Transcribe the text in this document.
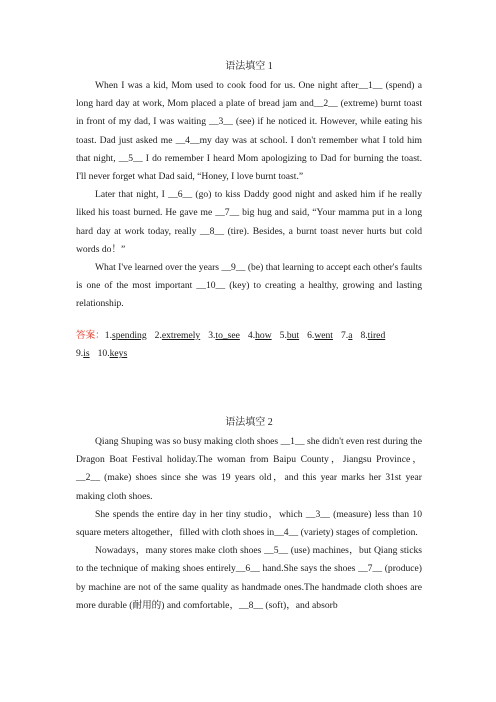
语法填空 1

When I was a kid, Mom used to cook food for us. One night after__1__ (spend) a long hard day at work, Mom placed a plate of bread jam and__2__ (extreme) burnt toast in front of my dad, I was waiting __3__ (see) if he noticed it. However, while eating his toast. Dad just asked me __4__my day was at school. I don't remember what I told him that night, __5__ I do remember I heard Mom apologizing to Dad for burning the toast. I'll never forget what Dad said, “Honey, I love burnt toast.”

Later that night, I __6__ (go) to kiss Daddy good night and asked him if he really liked his toast burned. He gave me __7__ big hug and said, “Your mamma put in a long hard day at work today, really __8__ (tire). Besides, a burnt toast never hurts but cold words do！”

What I've learned over the years __9__ (be) that learning to accept each other's faults is one of the most important __10__ (key) to creating a healthy, growing and lasting relationship.

答案：1.spending 2.extremely 3.to_see 4.how 5.but 6.went 7.a 8.tired
9.is 10.keys

语法填空 2

Qiang Shuping was so busy making cloth shoes __1__ she didn't even rest during the Dragon Boat Festival holiday.The woman from Baipu County，Jiangsu Province，__2__ (make) shoes since she was 19 years old，and this year marks her 31st year making cloth shoes.

She spends the entire day in her tiny studio，which __3__ (measure) less than 10 square meters altogether，filled with cloth shoes in__4__ (variety) stages of completion.

Nowadays，many stores make cloth shoes __5__ (use) machines，but Qiang sticks to the technique of making shoes entirely__6__ hand.She says the shoes __7__ (produce) by machine are not of the same quality as handmade ones.The handmade cloth shoes are more durable (耐用的) and comfortable，__8__ (soft)，and absorb
